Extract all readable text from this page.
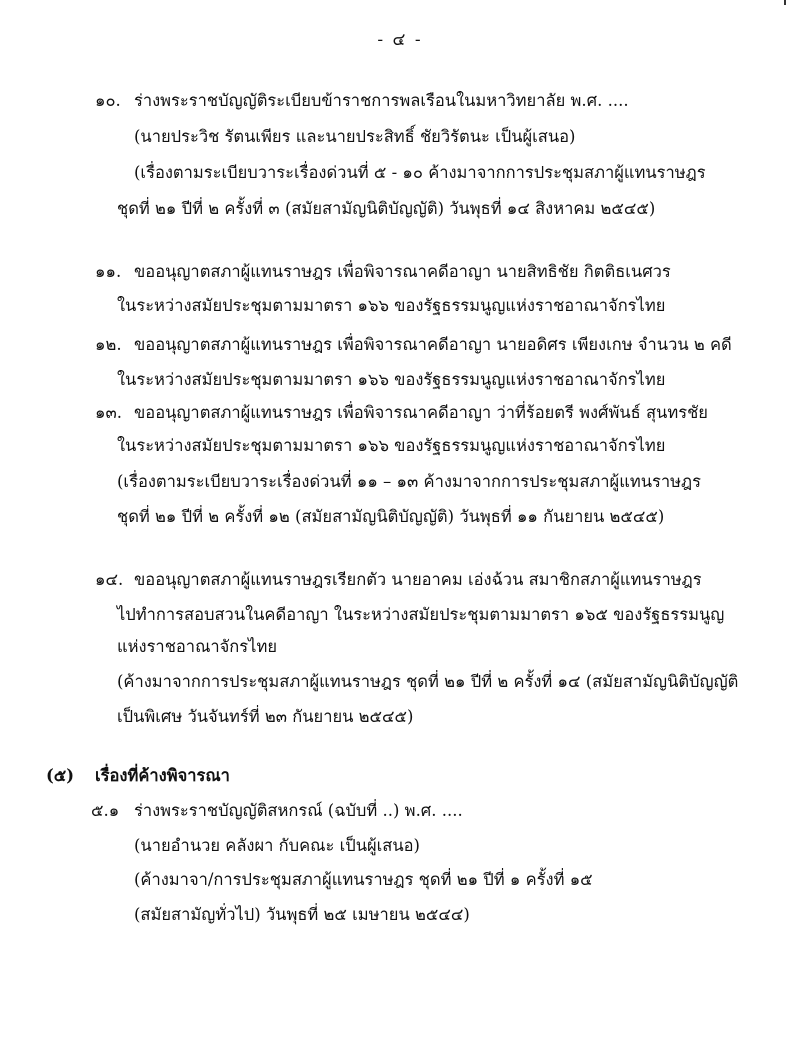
- ๔ -
๑๐. ร่างพระราชบัญญัติระเบียบข้าราชการพลเรือนในมหาวิทยาลัย พ.ศ. ....
(นายประวิช รัตนเพียร และนายประสิทธิ์ ชัยวิรัตนะ เป็นผู้เสนอ)
(เรื่องตามระเบียบวาระเรื่องด่วนที่ ๕ - ๑๐ ค้างมาจากการประชุมสภาผู้แทนราษฎร
ชุดที่ ๒๑ ปีที่ ๒ ครั้งที่ ๓ (สมัยสามัญนิติบัญญัติ) วันพุธที่ ๑๔ สิงหาคม ๒๕๔๕)
๑๑. ขออนุญาตสภาผู้แทนราษฎร เพื่อพิจารณาคดีอาญา นายสิทธิชัย กิตติธเนศวร
ในระหว่างสมัยประชุมตามมาตรา ๑๖๖ ของรัฐธรรมนูญแห่งราชอาณาจักรไทย
๑๒. ขออนุญาตสภาผู้แทนราษฎร เพื่อพิจารณาคดีอาญา นายอดิศร เพียงเกษ จำนวน ๒ คดี
ในระหว่างสมัยประชุมตามมาตรา ๑๖๖ ของรัฐธรรมนูญแห่งราชอาณาจักรไทย
๑๓. ขออนุญาตสภาผู้แทนราษฎร เพื่อพิจารณาคดีอาญา ว่าที่ร้อยตรี พงศ์พันธ์ สุนทรชัย
ในระหว่างสมัยประชุมตามมาตรา ๑๖๖ ของรัฐธรรมนูญแห่งราชอาณาจักรไทย
(เรื่องตามระเบียบวาระเรื่องด่วนที่ ๑๑ – ๑๓ ค้างมาจากการประชุมสภาผู้แทนราษฎร
ชุดที่ ๒๑ ปีที่ ๒ ครั้งที่ ๑๒ (สมัยสามัญนิติบัญญัติ) วันพุธที่ ๑๑ กันยายน ๒๕๔๕)
๑๔. ขออนุญาตสภาผู้แทนราษฎรเรียกตัว นายอาคม เอ่งฉ้วน สมาชิกสภาผู้แทนราษฎร
ไปทำการสอบสวนในคดีอาญา ในระหว่างสมัยประชุมตามมาตรา ๑๖๕ ของรัฐธรรมนูญ
แห่งราชอาณาจักรไทย
(ค้างมาจากการประชุมสภาผู้แทนราษฎร ชุดที่ ๒๑ ปีที่ ๒ ครั้งที่ ๑๔ (สมัยสามัญนิติบัญญัติ
เป็นพิเศษ วันจันทร์ที่ ๒๓ กันยายน ๒๕๔๕)
(๕) เรื่องที่ค้างพิจารณา
๕.๑ ร่างพระราชบัญญัติสหกรณ์ (ฉบับที่ ..) พ.ศ. ....
(นายอำนวย คลังผา กับคณะ เป็นผู้เสนอ)
(ค้างมาจา/การประชุมสภาผู้แทนราษฎร ชุดที่ ๒๑ ปีที่ ๑ ครั้งที่ ๑๕
(สมัยสามัญทั่วไป) วันพุธที่ ๒๕ เมษายน ๒๕๔๔)
